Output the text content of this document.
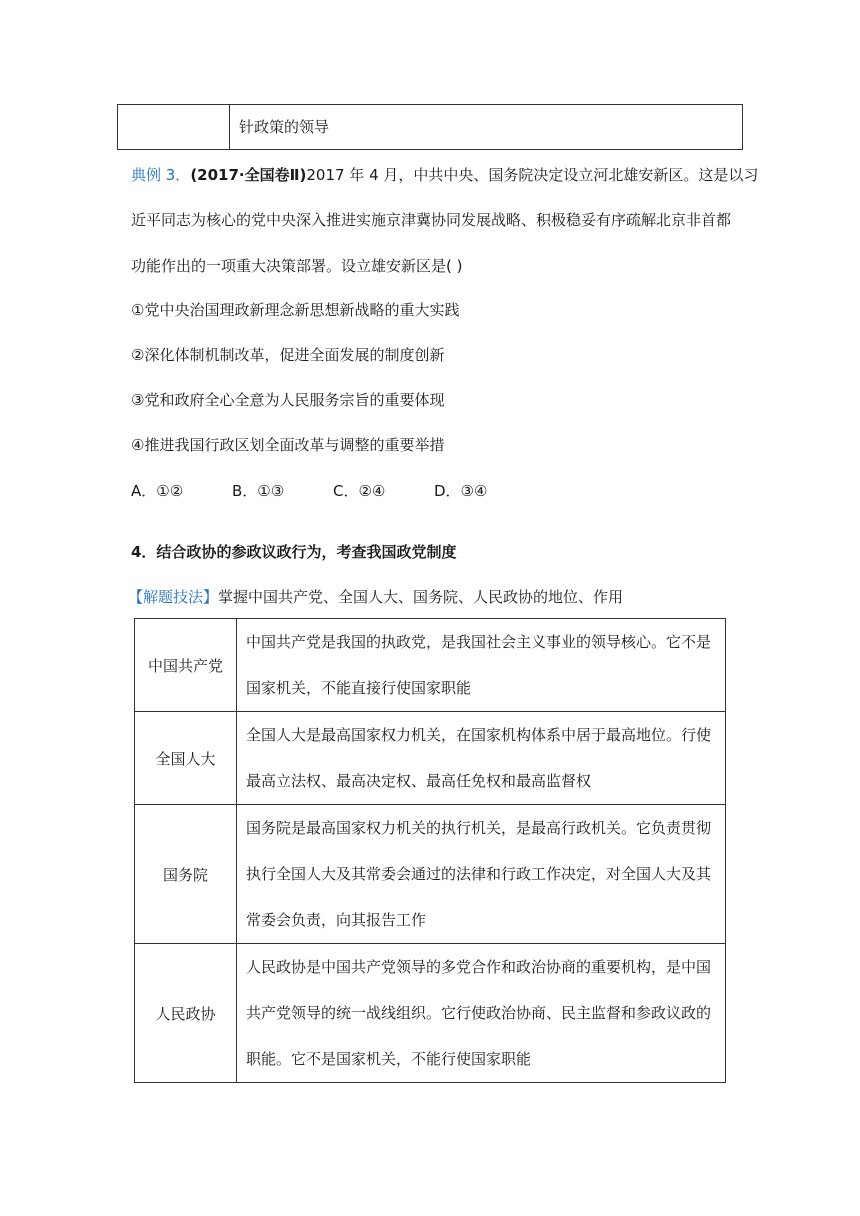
	针政策的领导
典例 3．(2017·全国卷Ⅱ)2017 年 4 月，中共中央、国务院决定设立河北雄安新区。这是以习
近平同志为核心的党中央深入推进实施京津冀协同发展战略、积极稳妥有序疏解北京非首都
功能作出的一项重大决策部署。设立雄安新区是( )
①党中央治国理政新理念新思想新战略的重大实践
②深化体制机制改革，促进全面发展的制度创新
③党和政府全心全意为人民服务宗旨的重要体现
④推进我国行政区划全面改革与调整的重要举措
A．①②	B．①③	C．②④	D．③④
4．结合政协的参政议政行为，考查我国政党制度
【解题技法】掌握中国共产党、全国人大、国务院、人民政协的地位、作用
中国共产党	中国共产党是我国的执政党，是我国社会主义事业的领导核心。它不是
国家机关，不能直接行使国家职能

全国人大	全国人大是最高国家权力机关，在国家机构体系中居于最高地位。行使
最高立法权、最高决定权、最高任免权和最高监督权

国务院	国务院是最高国家权力机关的执行机关，是最高行政机关。它负责贯彻
执行全国人大及其常委会通过的法律和行政工作决定，对全国人大及其
常委会负责，向其报告工作

人民政协	人民政协是中国共产党领导的多党合作和政治协商的重要机构，是中国
共产党领导的统一战线组织。它行使政治协商、民主监督和参政议政的
职能。它不是国家机关，不能行使国家职能
